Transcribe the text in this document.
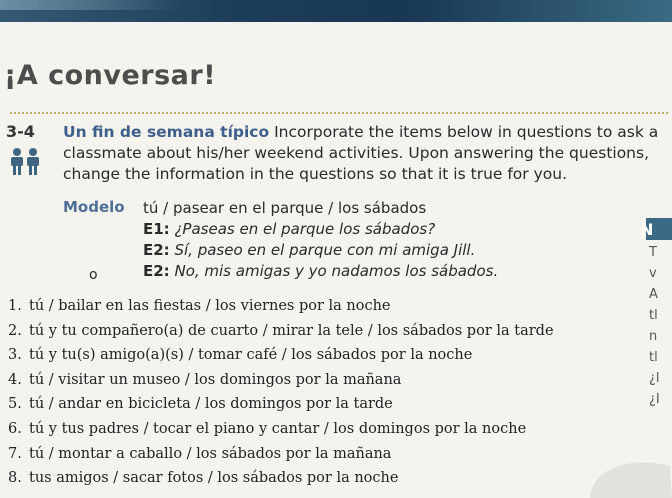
¡A conversar!
3-4 Un fin de semana típico Incorporate the items below in questions to ask a classmate about his/her weekend activities. Upon answering the questions, change the information in the questions so that it is true for you.
Modelo tú / pasear en el parque / los sábados
E1: ¿Paseas en el parque los sábados?
E2: Sí, paseo en el parque con mi amiga Jill.
E2: No, mis amigas y yo nadamos los sábados.
o
1. tú / bailar en las fiestas / los viernes por la noche
2. tú y tu compañero(a) de cuarto / mirar la tele / los sábados por la tarde
3. tú y tu(s) amigo(a)(s) / tomar café / los sábados por la noche
4. tú / visitar un museo / los domingos por la mañana
5. tú / andar en bicicleta / los domingos por la tarde
6. tú y tus padres / tocar el piano y cantar / los domingos por la noche
7. tú / montar a caballo / los sábados por la mañana
8. tus amigos / sacar fotos / los sábados por la noche
N
T
v
A
tl
n
tl
¿l
¿I
